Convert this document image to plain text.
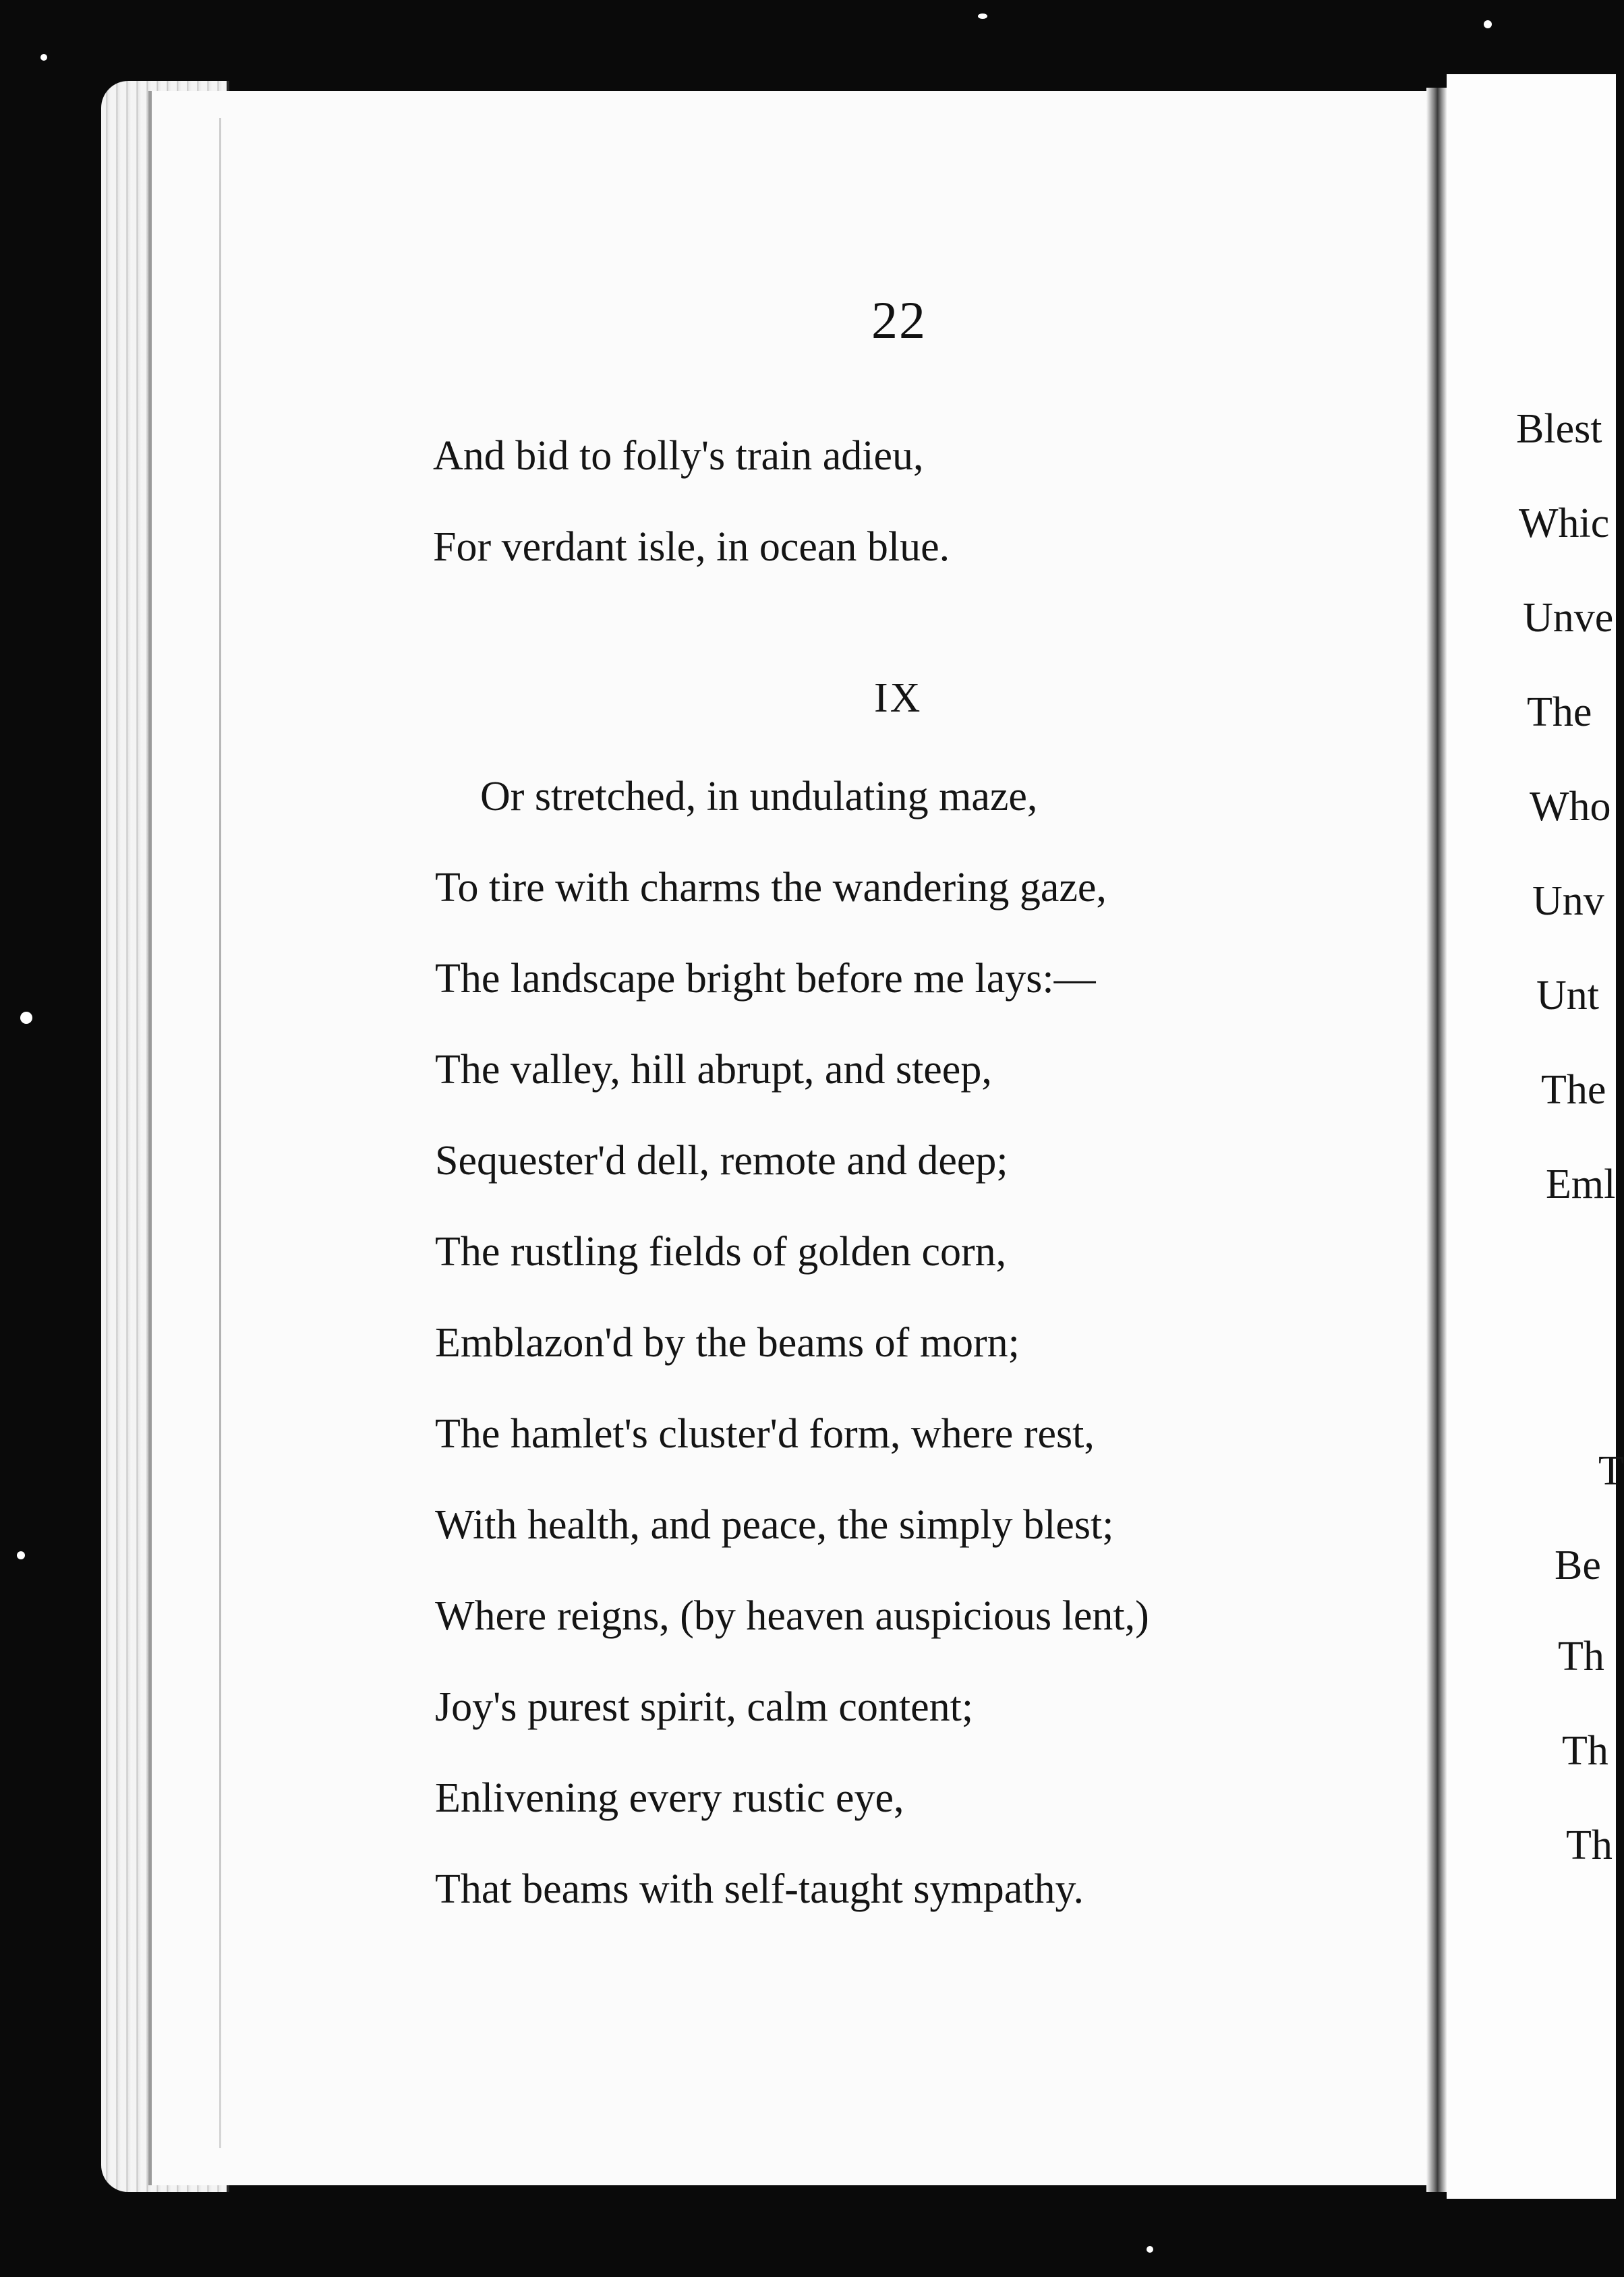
22
And bid to folly's train adieu,
For verdant isle, in ocean blue.
IX
Or stretched, in undulating maze,
To tire with charms the wandering gaze,
The landscape bright before me lays:—
The valley, hill abrupt, and steep,
Sequester'd dell, remote and deep;
The rustling fields of golden corn,
Emblazon'd by the beams of morn;
The hamlet's cluster'd form, where rest,
With health, and peace, the simply blest;
Where reigns, (by heaven auspicious lent,)
Joy's purest spirit, calm content;
Enlivening every rustic eye,
That beams with self-taught sympathy.
Blest
Whic
Unve
The
Who
Unv
Unt
The
Eml
T
Be
Th
Th
Th
